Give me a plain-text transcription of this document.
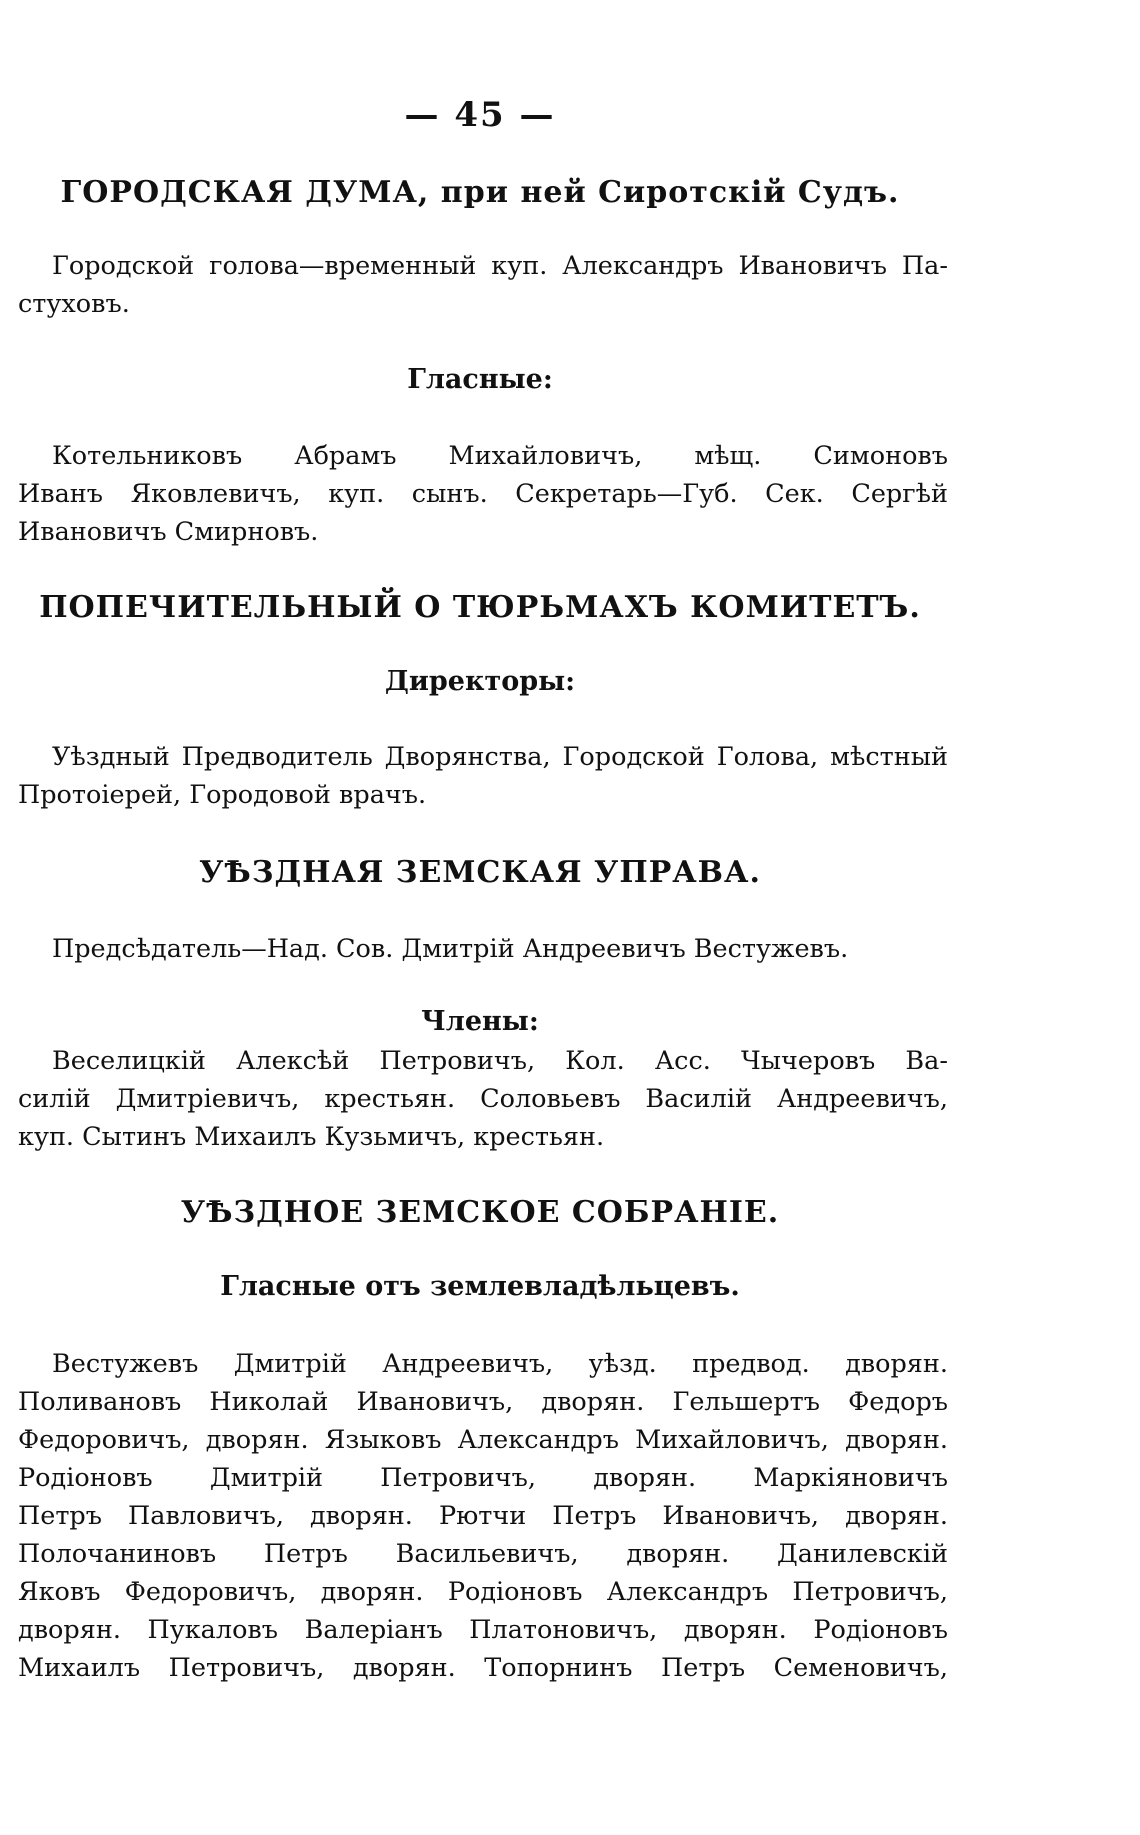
— 45 —
ГОРОДСКАЯ ДУМА, при ней Сиротскій Судъ.
Городской голова—временный куп. Александръ Ивановичъ Па-
стуховъ.
Гласные:
Котельниковъ Абрамъ Михайловичъ, мѣщ. Симоновъ
Иванъ Яковлевичъ, куп. сынъ. Секретарь—Губ. Сек. Сергѣй
Ивановичъ Смирновъ.
ПОПЕЧИТЕЛЬНЫЙ О ТЮРЬМАХЪ КОМИТЕТЪ.
Директоры:
Уѣздный Предводитель Дворянства, Городской Голова, мѣстный
Протоіерей, Городовой врачъ.
УѢЗДНАЯ ЗЕМСКАЯ УПРАВА.
Предсѣдатель—Над. Сов. Дмитрій Андреевичъ Вестужевъ.
Члены:
Веселицкій Алексѣй Петровичъ, Кол. Асс. Чычеровъ Ва-
силій Дмитріевичъ, крестьян. Соловьевъ Василій Андреевичъ,
куп. Сытинъ Михаилъ Кузьмичъ, крестьян.
УѢЗДНОЕ ЗЕМСКОЕ СОБРАНІЕ.
Гласные отъ землевладѣльцевъ.
Вестужевъ Дмитрій Андреевичъ, уѣзд. предвод. дворян.
Поливановъ Николай Ивановичъ, дворян. Гельшертъ Федоръ
Федоровичъ, дворян. Языковъ Александръ Михайловичъ, дворян.
Родіоновъ Дмитрій Петровичъ, дворян. Маркіяновичъ
Петръ Павловичъ, дворян. Рютчи Петръ Ивановичъ, дворян.
Полочаниновъ Петръ Васильевичъ, дворян. Данилевскій
Яковъ Федоровичъ, дворян. Родіоновъ Александръ Петровичъ,
дворян. Пукаловъ Валеріанъ Платоновичъ, дворян. Родіоновъ
Михаилъ Петровичъ, дворян. Топорнинъ Петръ Семеновичъ,
